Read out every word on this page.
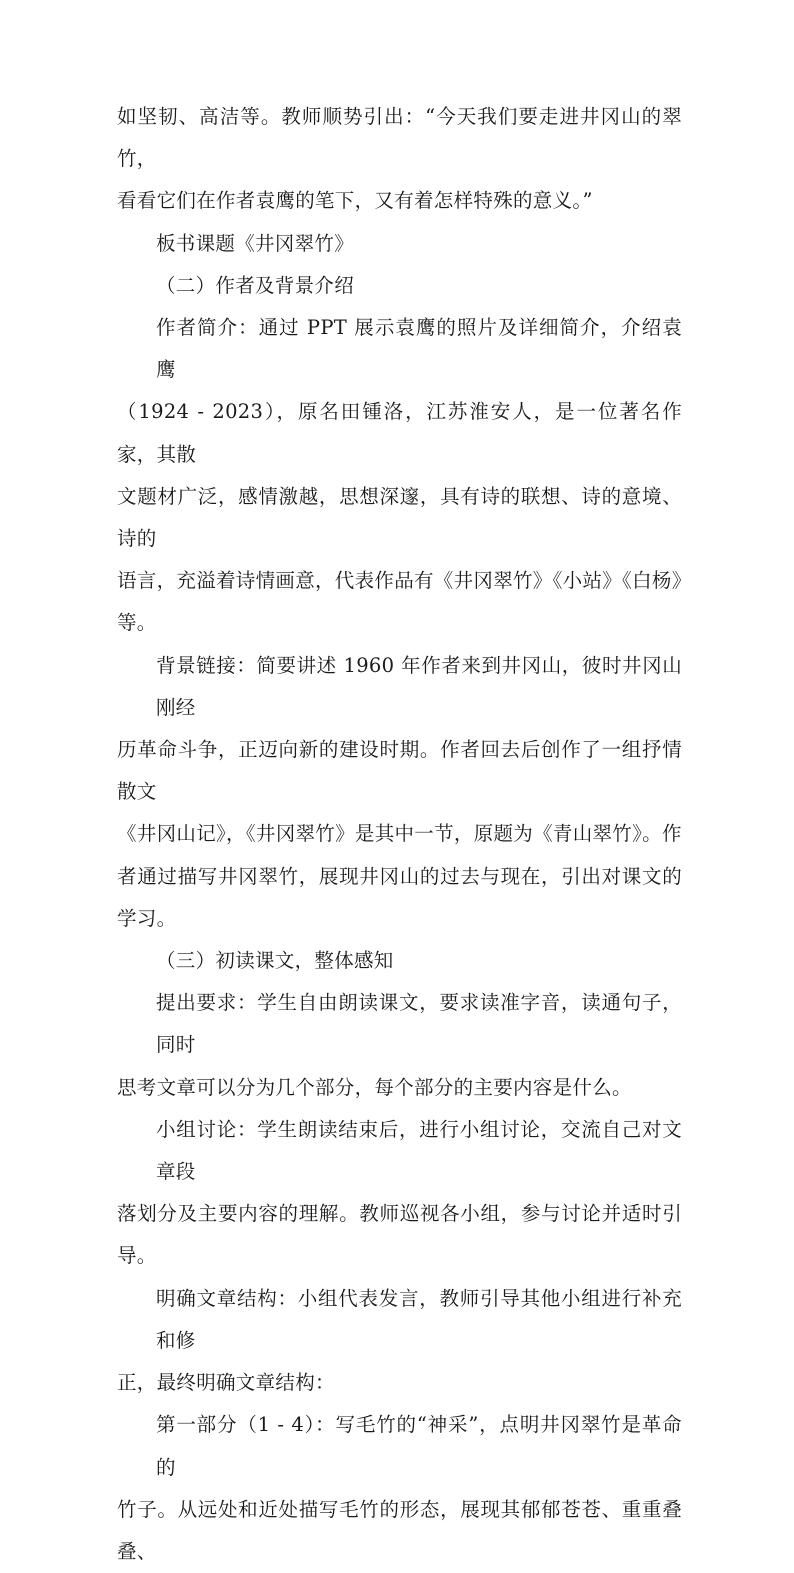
如坚韧、高洁等。教师顺势引出：“今天我们要走进井冈山的翠竹，
看看它们在作者袁鹰的笔下，又有着怎样特殊的意义。”

板书课题《井冈翠竹》

（二）作者及背景介绍

作者简介：通过 PPT 展示袁鹰的照片及详细简介，介绍袁鹰
（1924 - 2023），原名田锺洛，江苏淮安人，是一位著名作家，其散
文题材广泛，感情激越，思想深邃，具有诗的联想、诗的意境、诗的
语言，充溢着诗情画意，代表作品有《井冈翠竹》《小站》《白杨》
等。

背景链接：简要讲述 1960 年作者来到井冈山，彼时井冈山刚经
历革命斗争，正迈向新的建设时期。作者回去后创作了一组抒情散文
《井冈山记》，《井冈翠竹》是其中一节，原题为《青山翠竹》。作
者通过描写井冈翠竹，展现井冈山的过去与现在，引出对课文的学习。

（三）初读课文，整体感知

提出要求：学生自由朗读课文，要求读准字音，读通句子，同时
思考文章可以分为几个部分，每个部分的主要内容是什么。

小组讨论：学生朗读结束后，进行小组讨论，交流自己对文章段
落划分及主要内容的理解。教师巡视各小组，参与讨论并适时引导。

明确文章结构：小组代表发言，教师引导其他小组进行补充和修
正，最终明确文章结构：

第一部分（1 - 4）：写毛竹的“神采”，点明井冈翠竹是革命的
竹子。从远处和近处描写毛竹的形态，展现其郁郁苍苍、重重叠叠、
